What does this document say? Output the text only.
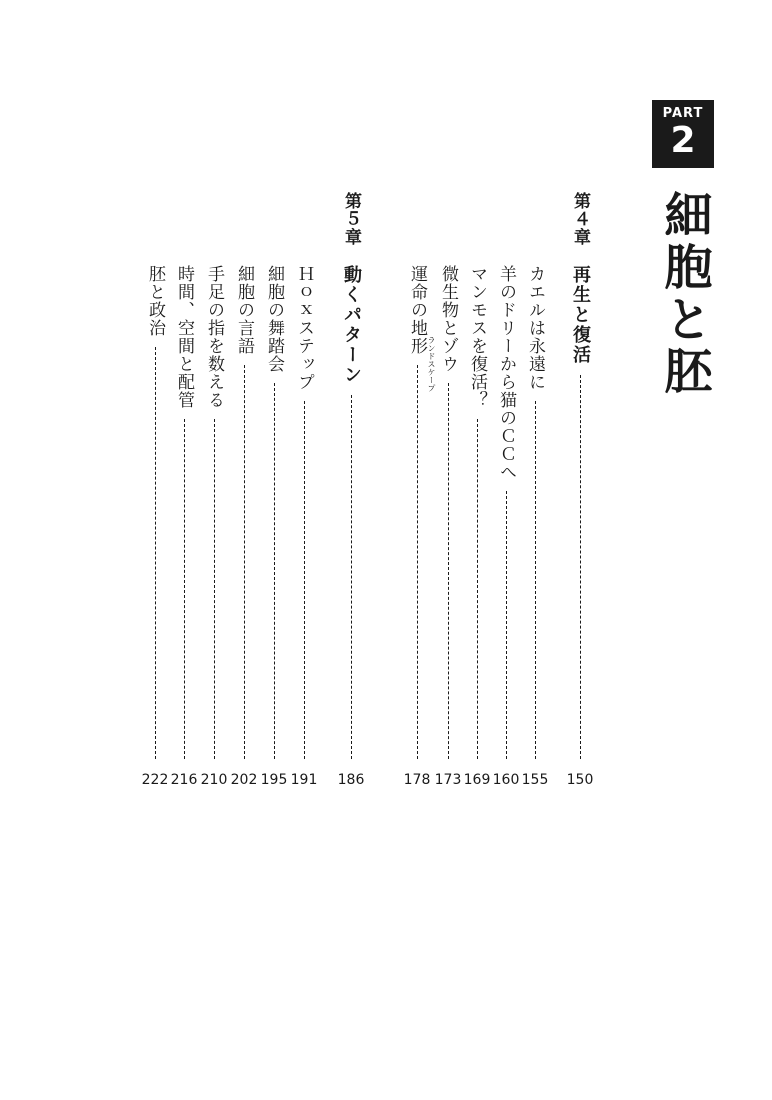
PART
2
細胞と胚
第４章
再生と復活
150
カエルは永遠に
155
羊のドリーから猫のＣＣへ
160
マンモスを復活？
169
微生物とゾウ
173
運命の地形
ランドスケープ
178
第５章
動くパターン
186
Ｈｏｘステップ
191
細胞の舞踏会
195
細胞の言語
202
手足の指を数える
210
時間、空間と配管
216
胚と政治
222
